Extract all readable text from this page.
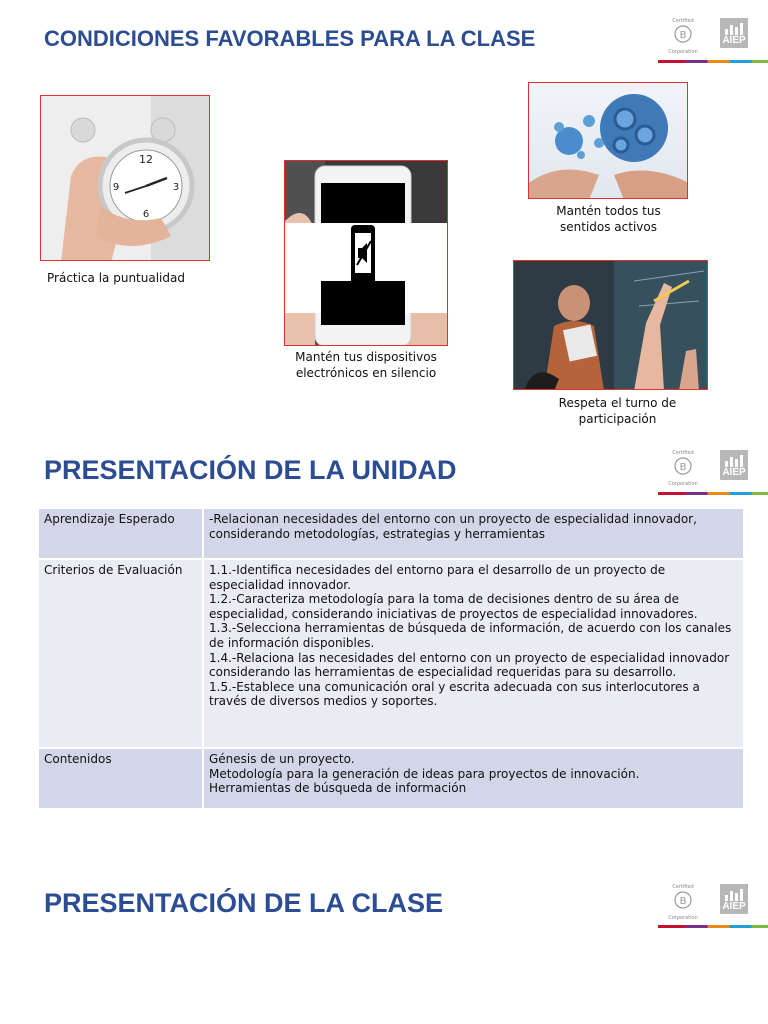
CONDICIONES FAVORABLES PARA LA CLASE
Certified
B
Corporation
AIEP
12
3
6
9
Práctica la puntualidad
Mantén tus dispositivos electrónicos en silencio
Mantén todos tus sentidos activos
Respeta el turno de participación
PRESENTACIÓN DE LA UNIDAD
Certified
B
Corporation
AIEP
Aprendizaje Esperado	-Relacionan necesidades del entorno con un proyecto de especialidad innovador, considerando metodologías, estrategias y herramientas

Criterios de Evaluación	1.1.-Identifica necesidades del entorno para el desarrollo de un proyecto de especialidad innovador.
1.2.-Caracteriza metodología para la toma de decisiones dentro de su área de especialidad, considerando iniciativas de proyectos de especialidad innovadores.
1.3.-Selecciona herramientas de búsqueda de información, de acuerdo con los canales de información disponibles.
1.4.-Relaciona las necesidades del entorno con un proyecto de especialidad innovador considerando las herramientas de especialidad requeridas para su desarrollo.
1.5.-Establece una comunicación oral y escrita adecuada con sus interlocutores a través de diversos medios y soportes.

Contenidos	Génesis de un proyecto.
Metodología para la generación de ideas para proyectos de innovación.
Herramientas de búsqueda de información
PRESENTACIÓN DE LA CLASE
Certified
B
Corporation
AIEP
